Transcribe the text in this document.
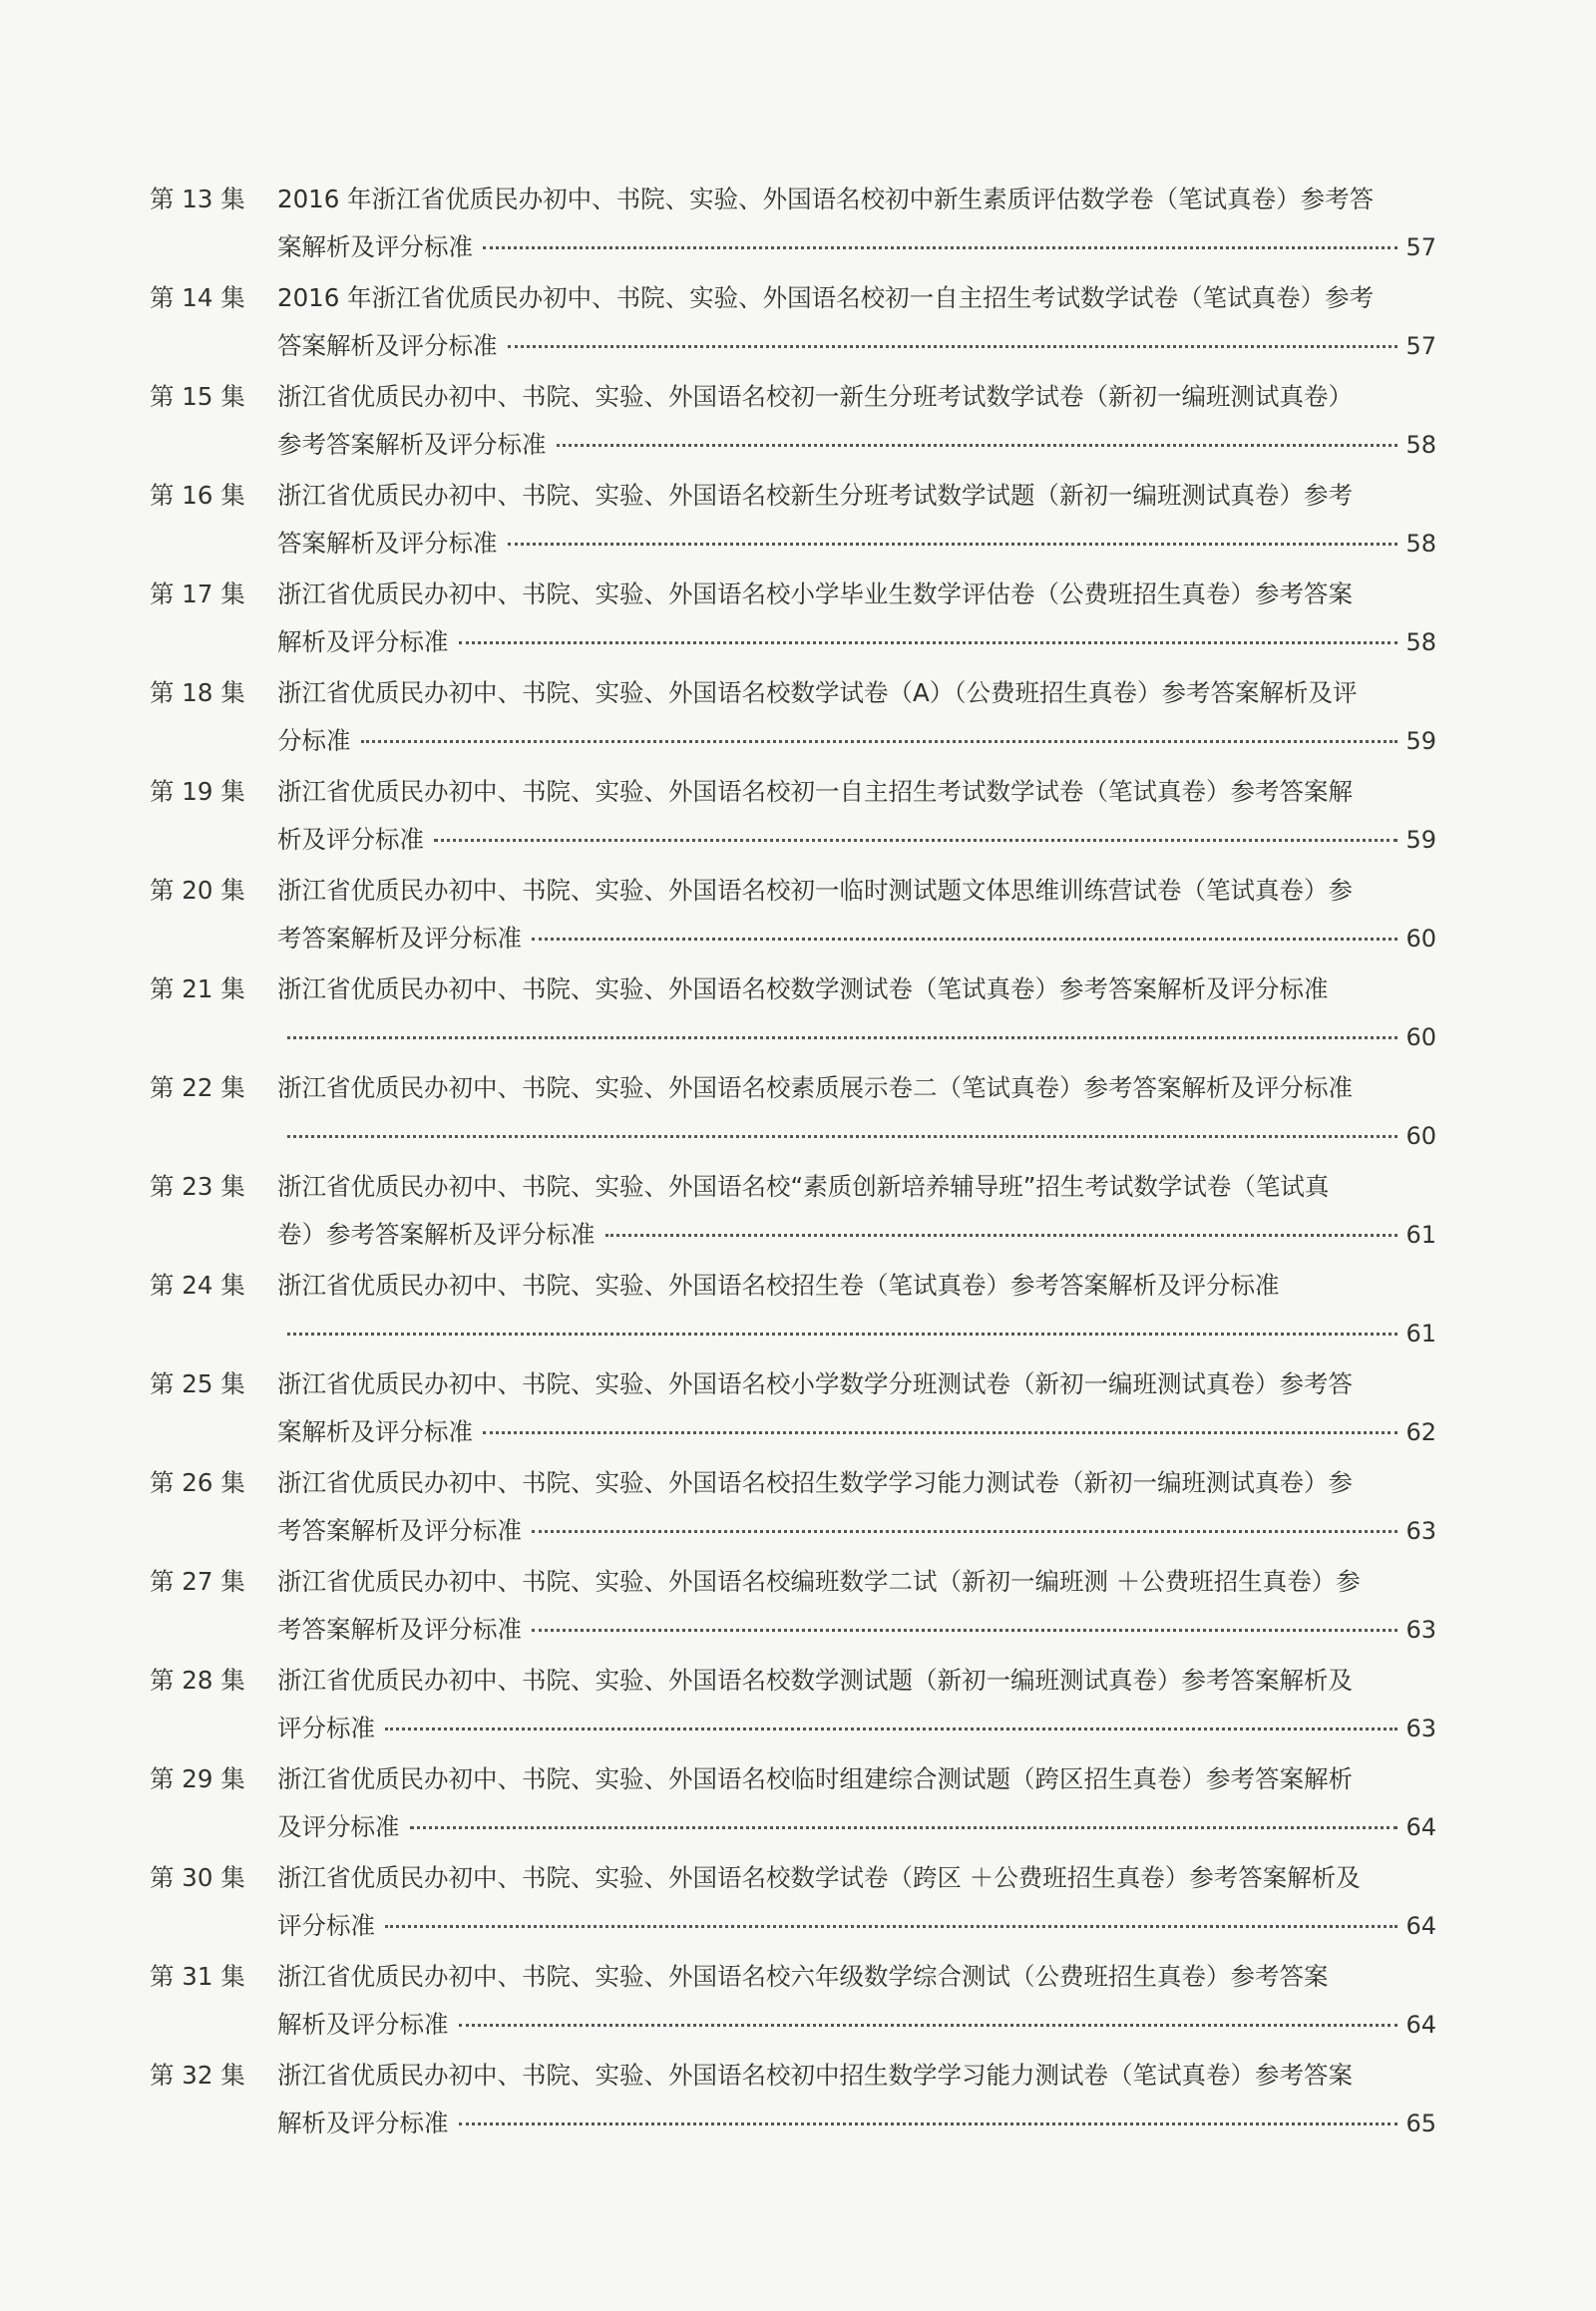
第 13 集	2016 年浙江省优质民办初中、书院、实验、外国语名校初中新生素质评估数学卷（笔试真卷）参考答
案解析及评分标准	57
第 14 集	2016 年浙江省优质民办初中、书院、实验、外国语名校初一自主招生考试数学试卷（笔试真卷）参考
答案解析及评分标准	57
第 15 集	浙江省优质民办初中、书院、实验、外国语名校初一新生分班考试数学试卷（新初一编班测试真卷）
参考答案解析及评分标准	58
第 16 集	浙江省优质民办初中、书院、实验、外国语名校新生分班考试数学试题（新初一编班测试真卷）参考
答案解析及评分标准	58
第 17 集	浙江省优质民办初中、书院、实验、外国语名校小学毕业生数学评估卷（公费班招生真卷）参考答案
解析及评分标准	58
第 18 集	浙江省优质民办初中、书院、实验、外国语名校数学试卷（A）（公费班招生真卷）参考答案解析及评
分标准	59
第 19 集	浙江省优质民办初中、书院、实验、外国语名校初一自主招生考试数学试卷（笔试真卷）参考答案解
析及评分标准	59
第 20 集	浙江省优质民办初中、书院、实验、外国语名校初一临时测试题文体思维训练营试卷（笔试真卷）参
考答案解析及评分标准	60
第 21 集	浙江省优质民办初中、书院、实验、外国语名校数学测试卷（笔试真卷）参考答案解析及评分标准
60
第 22 集	浙江省优质民办初中、书院、实验、外国语名校素质展示卷二（笔试真卷）参考答案解析及评分标准
60
第 23 集	浙江省优质民办初中、书院、实验、外国语名校“素质创新培养辅导班”招生考试数学试卷（笔试真
卷）参考答案解析及评分标准	61
第 24 集	浙江省优质民办初中、书院、实验、外国语名校招生卷（笔试真卷）参考答案解析及评分标准
61
第 25 集	浙江省优质民办初中、书院、实验、外国语名校小学数学分班测试卷（新初一编班测试真卷）参考答
案解析及评分标准	62
第 26 集	浙江省优质民办初中、书院、实验、外国语名校招生数学学习能力测试卷（新初一编班测试真卷）参
考答案解析及评分标准	63
第 27 集	浙江省优质民办初中、书院、实验、外国语名校编班数学二试（新初一编班测 ＋公费班招生真卷）参
考答案解析及评分标准	63
第 28 集	浙江省优质民办初中、书院、实验、外国语名校数学测试题（新初一编班测试真卷）参考答案解析及
评分标准	63
第 29 集	浙江省优质民办初中、书院、实验、外国语名校临时组建综合测试题（跨区招生真卷）参考答案解析
及评分标准	64
第 30 集	浙江省优质民办初中、书院、实验、外国语名校数学试卷（跨区 ＋公费班招生真卷）参考答案解析及
评分标准	64
第 31 集	浙江省优质民办初中、书院、实验、外国语名校六年级数学综合测试（公费班招生真卷）参考答案
解析及评分标准	64
第 32 集	浙江省优质民办初中、书院、实验、外国语名校初中招生数学学习能力测试卷（笔试真卷）参考答案
解析及评分标准	65
